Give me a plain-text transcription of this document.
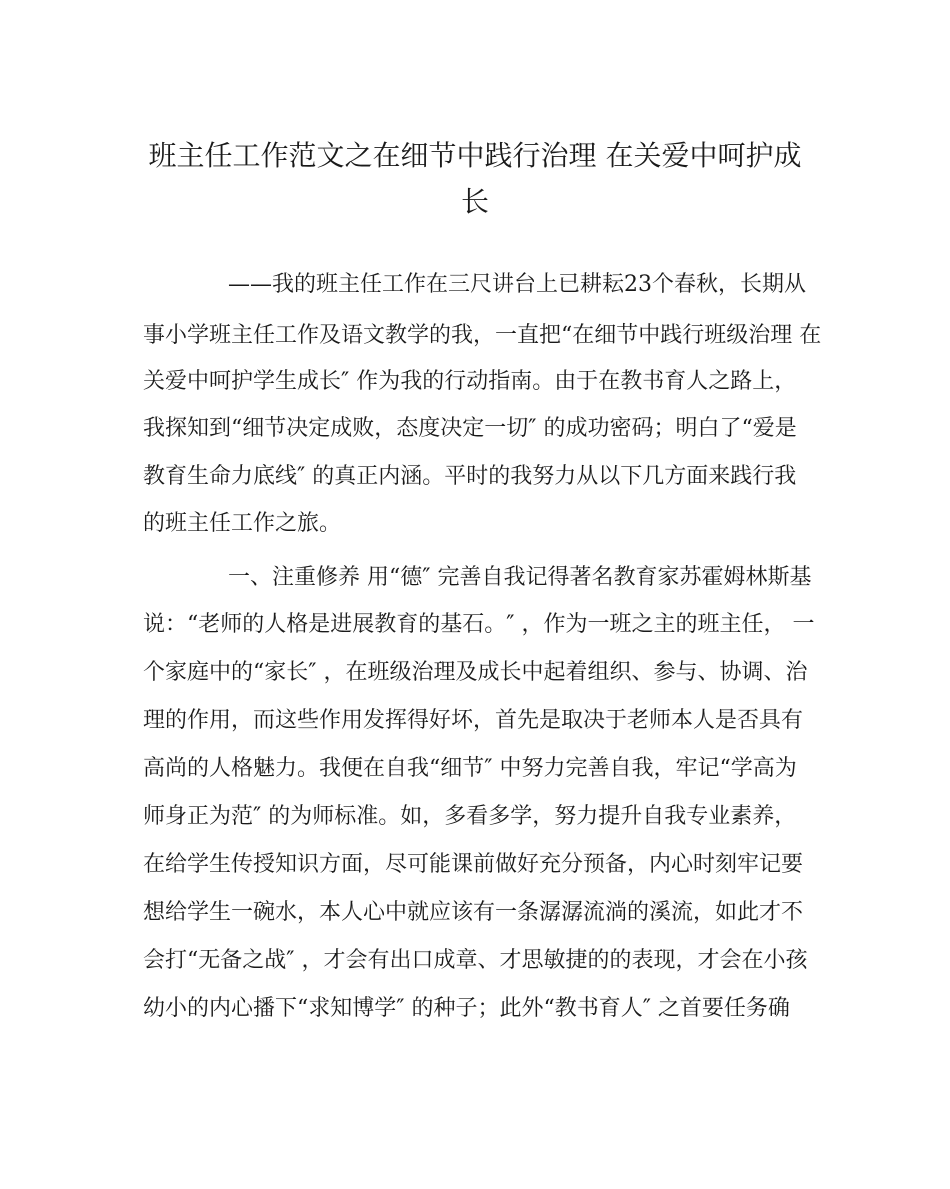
班主任工作范文之在细节中践行治理 在关爱中呵护成
长
——我的班主任工作在三尺讲台上已耕耘23个春秋，长期从
事小学班主任工作及语文教学的我，一直把“在细节中践行班级治理 在
关爱中呵护学生成长″ 作为我的行动指南。由于在教书育人之路上，
我探知到“细节决定成败，态度决定一切″ 的成功密码；明白了“爱是
教育生命力底线″ 的真正内涵。平时的我努力从以下几方面来践行我
的班主任工作之旅。
一、注重修养 用“德″ 完善自我记得著名教育家苏霍姆林斯基
说：“老师的人格是进展教育的基石。″ ，作为一班之主的班主任， 一
个家庭中的“家长″ ，在班级治理及成长中起着组织、参与、协调、治
理的作用，而这些作用发挥得好坏，首先是取决于老师本人是否具有
高尚的人格魅力。我便在自我“细节″ 中努力完善自我，牢记“学高为
师身正为范″ 的为师标准。如，多看多学，努力提升自我专业素养，
在给学生传授知识方面，尽可能课前做好充分预备，内心时刻牢记要
想给学生一碗水，本人心中就应该有一条潺潺流淌的溪流，如此才不
会打“无备之战″ ，才会有出口成章、才思敏捷的的表现，才会在小孩
幼小的内心播下“求知博学″ 的种子；此外“教书育人″ 之首要任务确
